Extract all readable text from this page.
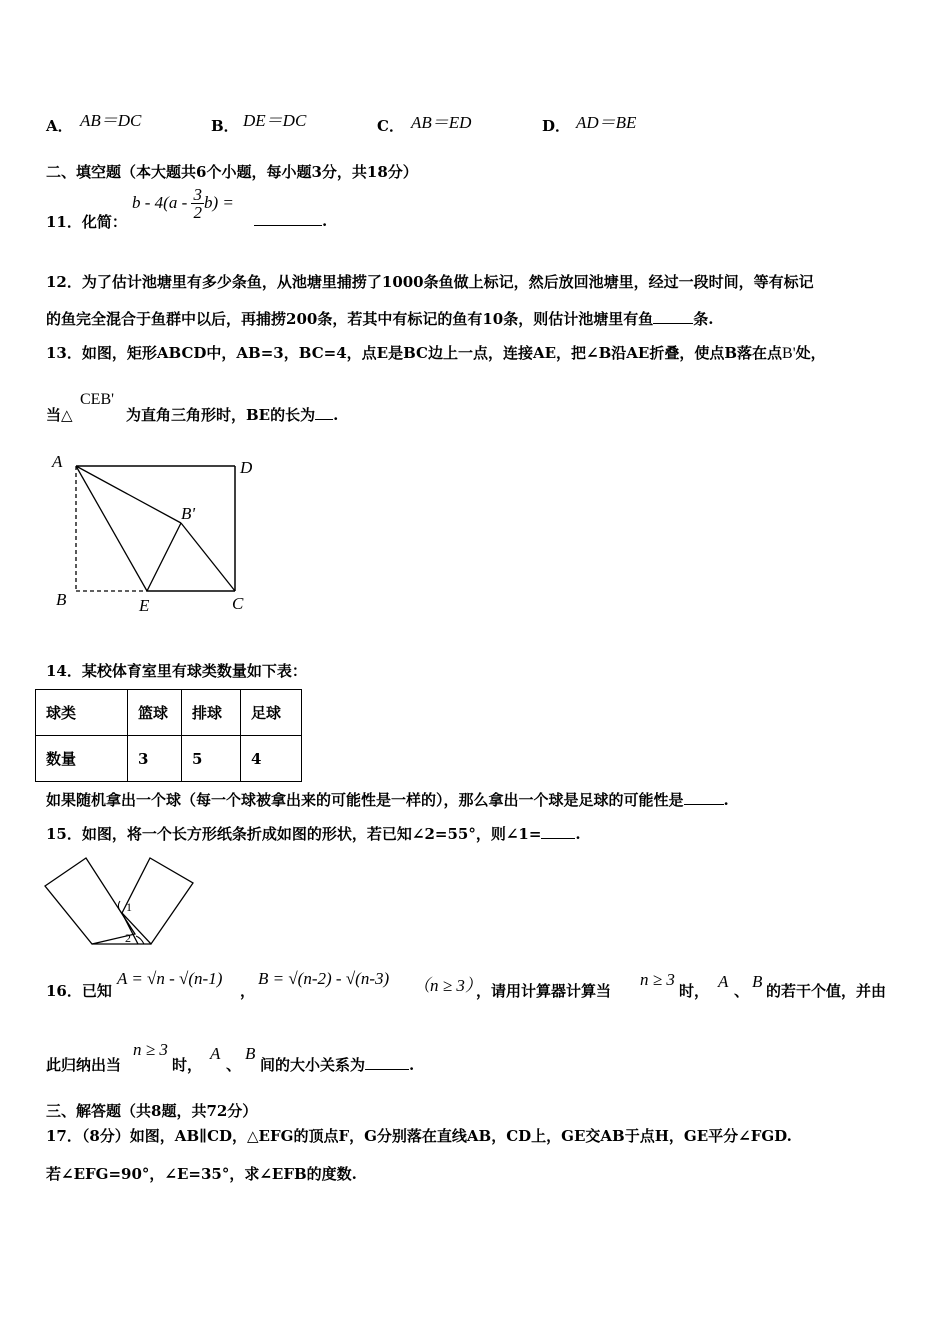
A． AB＝DC	B． DE＝DC	C． AB＝ED	D． AD＝BE
二、填空题（本大题共6个小题，每小题3分，共18分）
11．化简：
b - $4(a - \frac{3}{2} b)$ =
.
12．为了估计池塘里有多少条鱼，从池塘里捕捞了1000条鱼做上标记，然后放回池塘里，经过一段时间，等有标记
的鱼完全混合于鱼群中以后，再捕捞200条，若其中有标记的鱼有10条，则估计池塘里有鱼	条.
13．如图，矩形ABCD中，AB=3，BC=4，点E是BC边上一点，连接AE，把∠B沿AE折叠，使点B落在点B'处，
当△
CEB'
为直角三角形时，BE的长为 .
A	D
B'
B	E	C
14．某校体育室里有球类数量如下表：
球类	篮球	排球	足球
数量	3	5	4
如果随机拿出一个球（每一个球被拿出来的可能性是一样的），那么拿出一个球是足球的可能性是	.
15．如图，将一个长方形纸条折成如图的形状，若已知∠2=55°，则∠1= .
1
2
16．已知
A = √n - √(n-1)
，
B = √(n-2) - √(n-3) （n ≥ 3）
，请用计算器计算当
n ≥ 3
时， A 、 B 的若干个值，并由
此归纳出当
n ≥ 3
时，
A
、
B
间的大小关系为	.
三、解答题（共8题，共72分）
17．（8分）如图，AB∥CD，△EFG的顶点F，G分别落在直线AB，CD上，GE交AB于点H，GE平分∠FGD.
若∠EFG=90°，∠E=35°，求∠EFB的度数.
